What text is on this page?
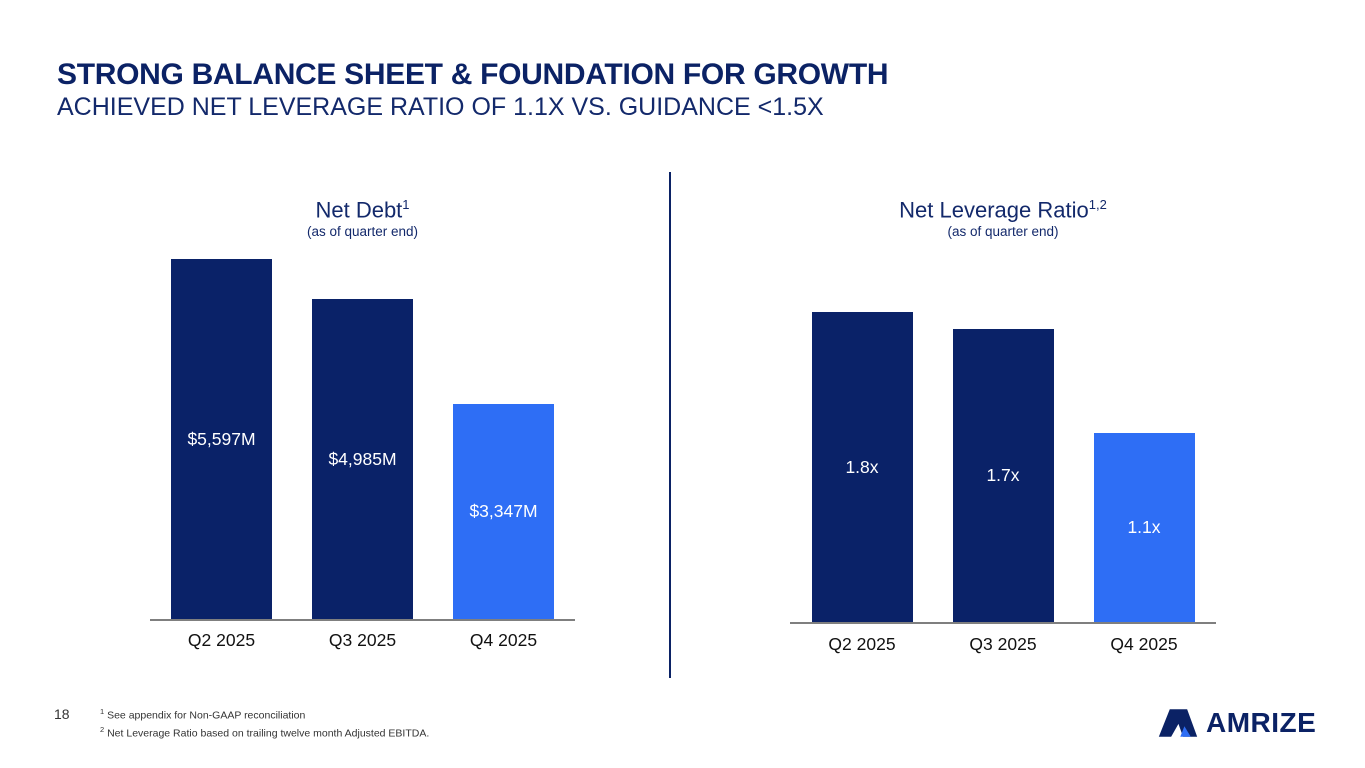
STRONG BALANCE SHEET & FOUNDATION FOR GROWTH
ACHIEVED NET LEVERAGE RATIO OF 1.1X VS. GUIDANCE <1.5X
Net Debt$^1$
(as of quarter end)
$5,597M
$4,985M
$3,347M
Q2 2025	Q3 2025	Q4 2025
Net Leverage Ratio$^{1,2}$
(as of quarter end)
1.8x	1.7x
1.1x
Q2 2025	Q3 2025	Q4 2025
18	$^1$ See appendix for Non-GAAP reconciliation
$^2$ Net Leverage Ratio based on trailing twelve month Adjusted EBITDA.	AMRIZE
